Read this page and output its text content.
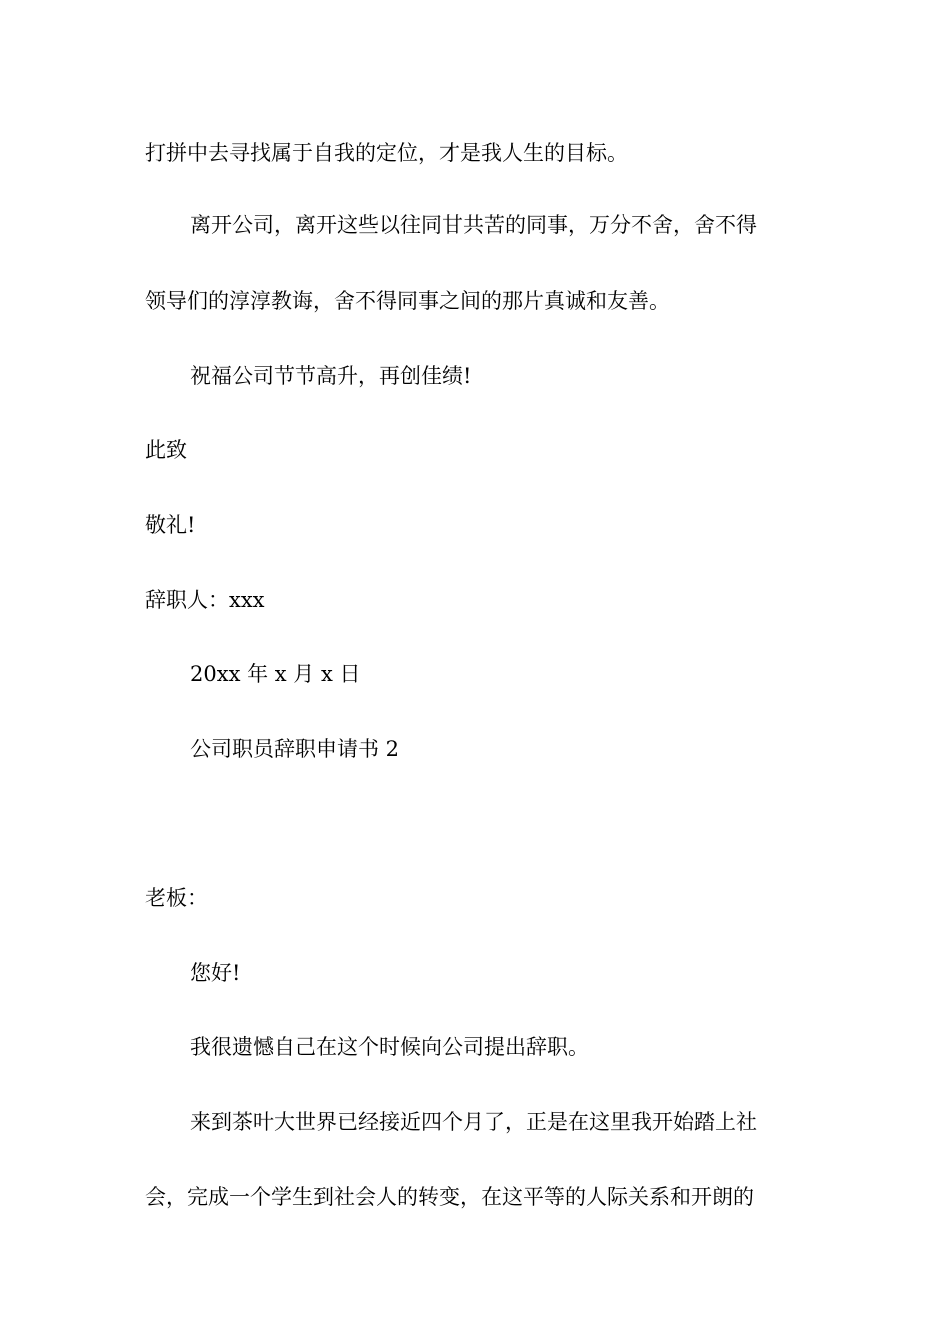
打拼中去寻找属于自我的定位，才是我人生的目标。
离开公司，离开这些以往同甘共苦的同事，万分不舍，舍不得
领导们的淳淳教诲，舍不得同事之间的那片真诚和友善。
祝福公司节节高升，再创佳绩!
此致
敬礼!
辞职人：xxx
20xx 年 x 月 x 日
公司职员辞职申请书 2
老板：
您好!
我很遗憾自己在这个时候向公司提出辞职。
来到茶叶大世界已经接近四个月了，正是在这里我开始踏上社
会，完成一个学生到社会人的转变，在这平等的人际关系和开朗的
